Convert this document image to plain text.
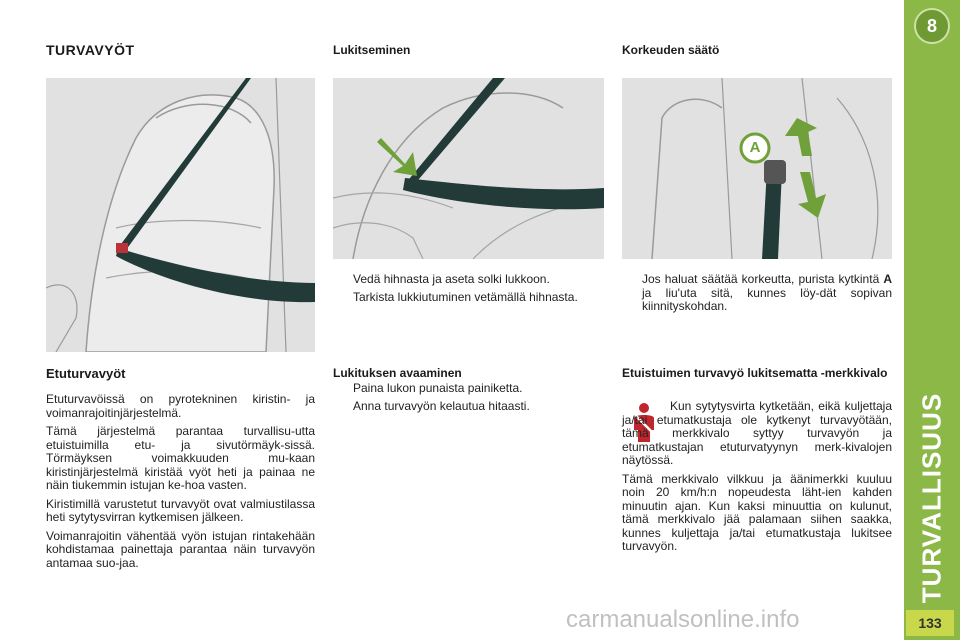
8
TURVALLISUUS
133
TURVAVYÖT
Etuturvavyöt

Etuturvavöissä on pyrotekninen kiristin- ja voimanrajoitinjärjestelmä.

Tämä järjestelmä parantaa turvallisu-utta etuistuimilla etu- ja sivutörmäyk-sissä. Törmäyksen voimakkuuden mu-kaan kiristinjärjestelmä kiristää vyöt heti ja painaa ne näin tiukemmin istujan ke-hoa vasten.

Kiristimillä varustetut turvavyöt ovat valmiustilassa heti sytytysvirran kytkemisen jälkeen.

Voimanrajoitin vähentää vyön istujan rintakehään kohdistamaa painettaja parantaa näin turvavyön antamaa suo-jaa.

Lukitseminen
Vedä hihnasta ja aseta solki lukkoon.
Tarkista lukkiutuminen vetämällä hihnasta.
Lukituksen avaaminen
Paina lukon punaista painiketta.
Anna turvavyön kelautua hitaasti.
Korkeuden säätö
A
Jos haluat säätää korkeutta, purista kytkintä A ja liu'uta sitä, kunnes löy-dät sopivan kiinnityskohdan.
Etuistuimen turvavyö lukitsematta -merkkivalo

Kun sytytysvirta kytketään, eikä kuljettaja ja/tai etumatkustaja ole kytkenyt turvavyötään, tämä merkkivalo syttyy turvavyön ja etumatkustajan etuturvatyynyn merk-kivalojen näytössä.

Tämä merkkivalo vilkkuu ja äänimerkki kuuluu noin 20 km/h:n nopeudesta läht-ien kahden minuutin ajan. Kun kaksi minuuttia on kulunut, tämä merkkivalo jää palamaan siihen saakka, kunnes kuljettaja ja/tai etumatkustaja lukitsee turvavyön.

carmanualsonline.info
